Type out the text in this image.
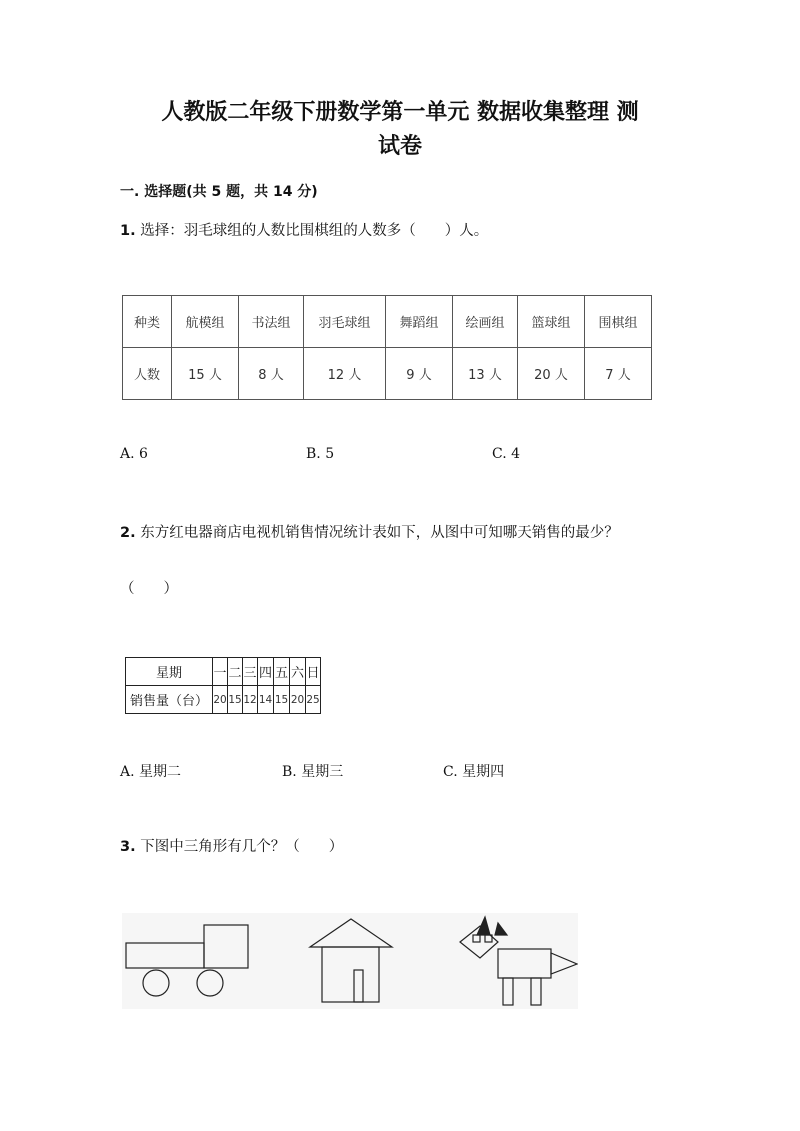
人教版二年级下册数学第一单元 数据收集整理 测
试卷
一. 选择题(共 5 题，共 14 分)
1. 选择：羽毛球组的人数比围棋组的人数多（　　）人。
种类	航模组	书法组	羽毛球组	舞蹈组	绘画组	篮球组	围棋组
人数	15 人	8 人	12 人	9 人	13 人	20 人	7 人
A. 6	B. 5	C. 4
2. 东方红电器商店电视机销售情况统计表如下，从图中可知哪天销售的最少？
（　　）
星期	一	二	三	四	五	六	日
销售量（台）	20	15	12	14	15	20	25
A. 星期二	B. 星期三	C. 星期四
3. 下图中三角形有几个？（　　）
